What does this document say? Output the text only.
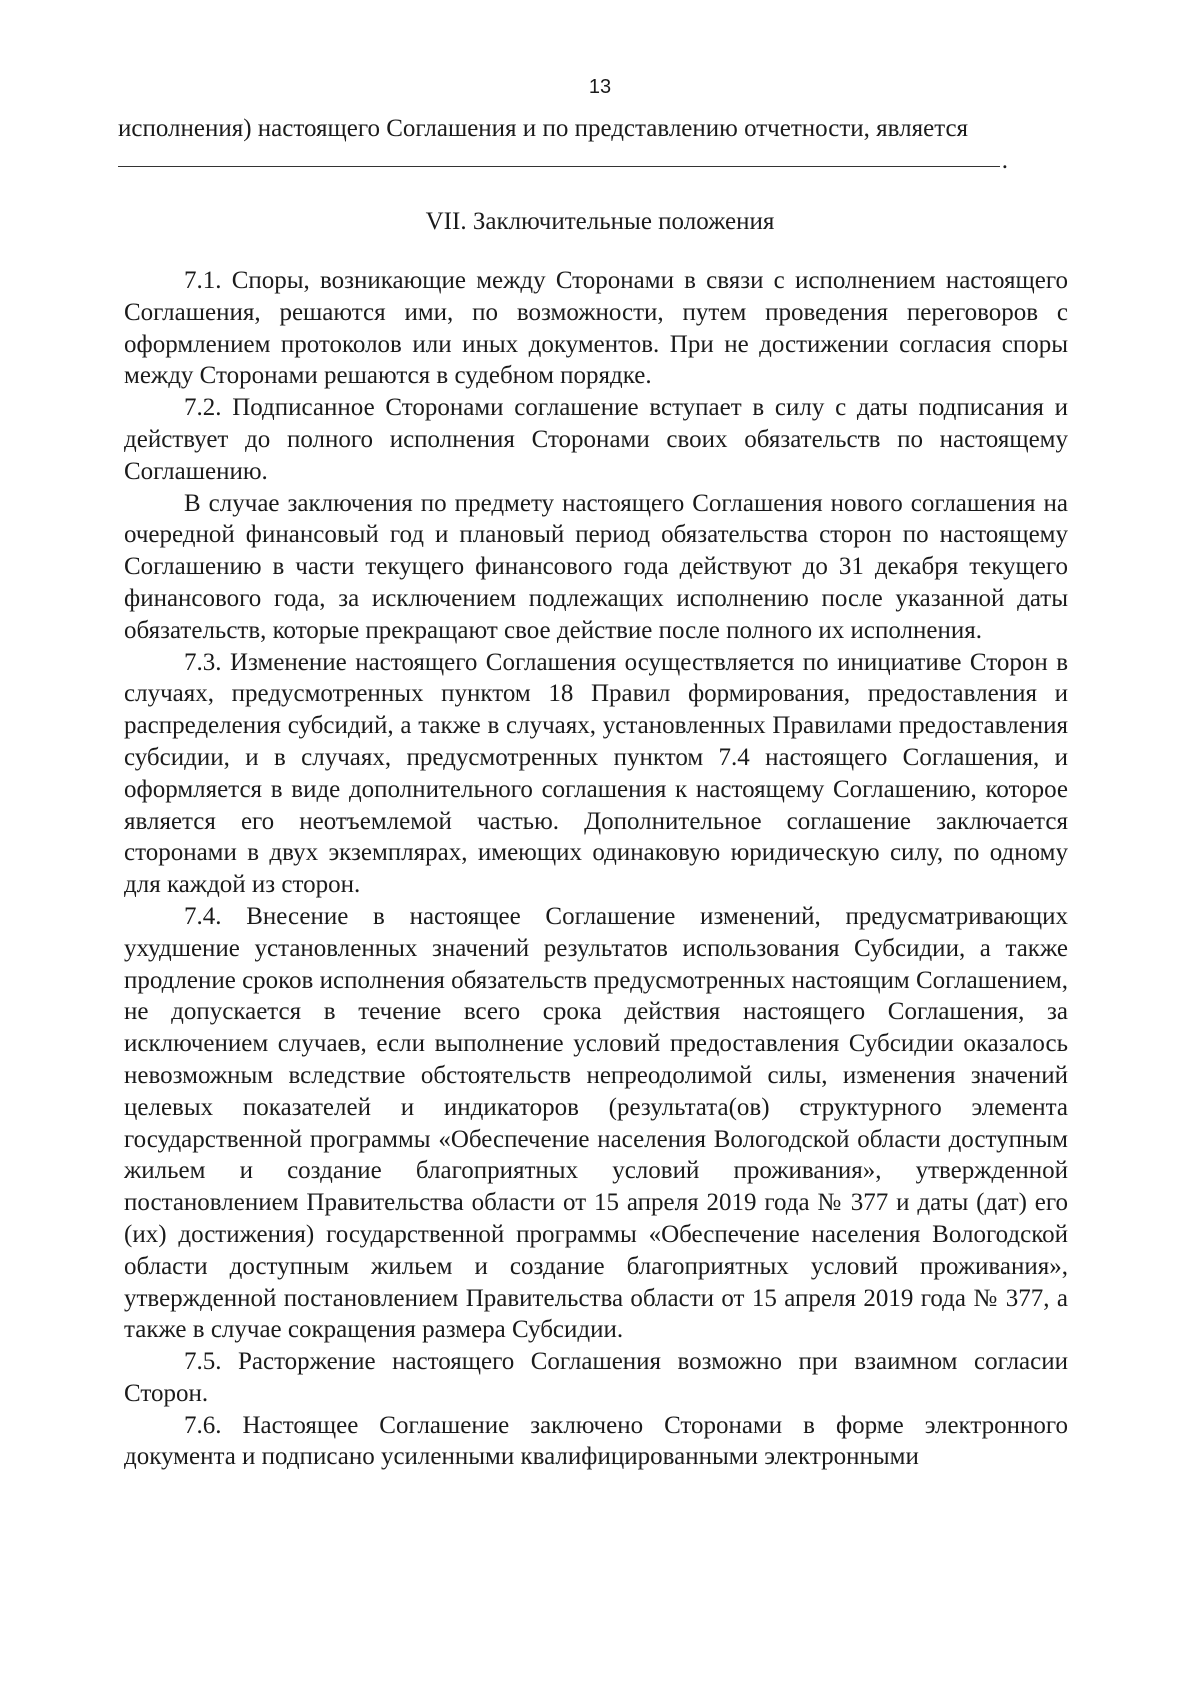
13
исполнения) настоящего Соглашения и по представлению отчетности, является
.
VII. Заключительные положения

7.1. Споры, возникающие между Сторонами в связи с исполнением настоящего Соглашения, решаются ими, по возможности, путем проведения переговоров с оформлением протоколов или иных документов. При не достижении согласия споры между Сторонами решаются в судебном порядке.

7.2. Подписанное Сторонами соглашение вступает в силу с даты подписания и действует до полного исполнения Сторонами своих обязательств по настоящему Соглашению.

В случае заключения по предмету настоящего Соглашения нового соглашения на очередной финансовый год и плановый период обязательства сторон по настоящему Соглашению в части текущего финансового года действуют до 31 декабря текущего финансового года, за исключением подлежащих исполнению после указанной даты обязательств, которые прекращают свое действие после полного их исполнения.

7.3. Изменение настоящего Соглашения осуществляется по инициативе Сторон в случаях, предусмотренных пунктом 18 Правил формирования, предоставления и распределения субсидий, а также в случаях, установленных Правилами предоставления субсидии, и в случаях, предусмотренных пунктом 7.4 настоящего Соглашения, и оформляется в виде дополнительного соглашения к настоящему Соглашению, которое является его неотъемлемой частью. Дополнительное соглашение заключается сторонами в двух экземплярах, имеющих одинаковую юридическую силу, по одному для каждой из сторон.

7.4. Внесение в настоящее Соглашение изменений, предусматривающих ухудшение установленных значений результатов использования Субсидии, а также продление сроков исполнения обязательств предусмотренных настоящим Соглашением, не допускается в течение всего срока действия настоящего Соглашения, за исключением случаев, если выполнение условий предоставления Субсидии оказалось невозможным вследствие обстоятельств непреодолимой силы, изменения значений целевых показателей и индикаторов (результата(ов) структурного элемента государственной программы «Обеспечение населения Вологодской области доступным жильем и создание благоприятных условий проживания», утвержденной постановлением Правительства области от 15 апреля 2019 года № 377 и даты (дат) его (их) достижения) государственной программы «Обеспечение населения Вологодской области доступным жильем и создание благоприятных условий проживания», утвержденной постановлением Правительства области от 15 апреля 2019 года № 377, а также в случае сокращения размера Субсидии.

7.5. Расторжение настоящего Соглашения возможно при взаимном согласии Сторон.

7.6. Настоящее Соглашение заключено Сторонами в форме электронного документа и подписано усиленными квалифицированными электронными
